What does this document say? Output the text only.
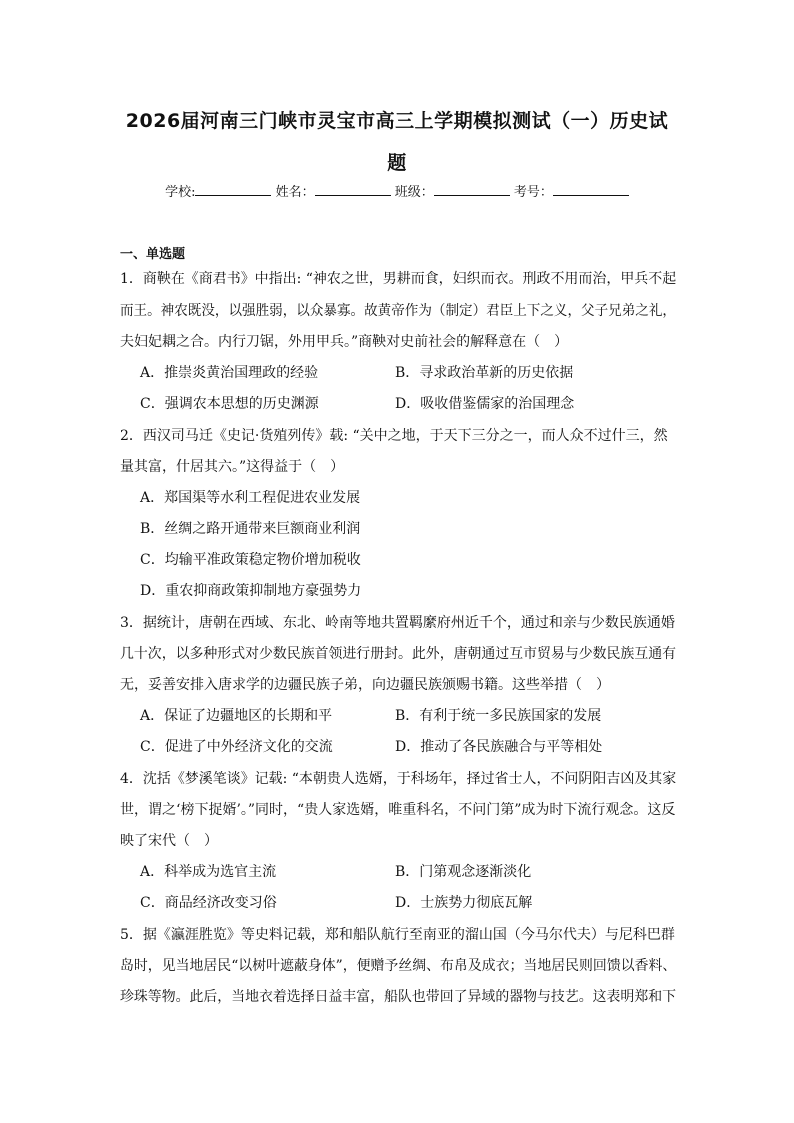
2026届河南三门峡市灵宝市高三上学期模拟测试（一）历史试
题
学校:	姓名：	班级：	考号：
一、单选题
1．商鞅在《商君书》中指出: “神农之世，男耕而食，妇织而衣。刑政不用而治，甲兵不起
而王。神农既没，以强胜弱，以众暴寡。故黄帝作为（制定）君臣上下之义，父子兄弟之礼，
夫妇妃耦之合。内行刀锯，外用甲兵。”商鞅对史前社会的解释意在（　）
A．推崇炎黄治国理政的经验	B．寻求政治革新的历史依据
C．强调农本思想的历史渊源	D．吸收借鉴儒家的治国理念
2．西汉司马迁《史记·货殖列传》载: “关中之地，于天下三分之一，而人众不过什三，然
量其富，什居其六。”这得益于（　）
A．郑国渠等水利工程促进农业发展
B．丝绸之路开通带来巨额商业利润
C．均输平准政策稳定物价增加税收
D．重农抑商政策抑制地方豪强势力
3．据统计，唐朝在西域、东北、岭南等地共置羁縻府州近千个，通过和亲与少数民族通婚
几十次，以多种形式对少数民族首领进行册封。此外，唐朝通过互市贸易与少数民族互通有
无，妥善安排入唐求学的边疆民族子弟，向边疆民族颁赐书籍。这些举措（　）
A．保证了边疆地区的长期和平	B．有利于统一多民族国家的发展
C．促进了中外经济文化的交流	D．推动了各民族融合与平等相处
4．沈括《梦溪笔谈》记载: “本朝贵人选婿，于科场年，择过省士人，不问阴阳吉凶及其家
世，谓之‘榜下捉婿’。”同时，“贵人家选婿，唯重科名，不问门第”成为时下流行观念。这反
映了宋代（　）
A．科举成为选官主流	B．门第观念逐渐淡化
C．商品经济改变习俗	D．士族势力彻底瓦解
5．据《瀛涯胜览》等史料记载，郑和船队航行至南亚的溜山国（今马尔代夫）与尼科巴群
岛时，见当地居民“以树叶遮蔽身体”，便赠予丝绸、布帛及成衣；当地居民则回馈以香料、
珍珠等物。此后，当地衣着选择日益丰富，船队也带回了异域的器物与技艺。这表明郑和下
